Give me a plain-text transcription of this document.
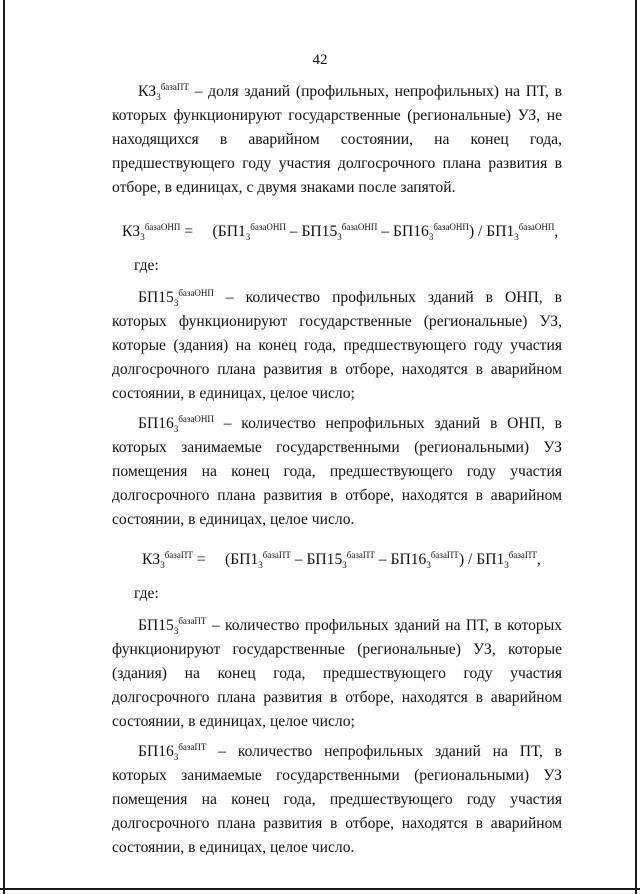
42

$КЗ_3^{базаПТ}$ – доля зданий (профильных, непрофильных) на ПТ, в которых функционируют государственные (региональные) УЗ, не находящихся в аварийном состоянии, на конец года, предшествующего году участия долгосрочного плана развития в отборе, в единицах, с двумя знаками после запятой.

$КЗ_3^{базаОНП}$ =     $(БП1_3^{базаОНП} - БП15_3^{базаОНП} - БП16_3^{базаОНП}) / БП1_3^{базаОНП}$,

где:

$БП15_3^{базаОНП}$ – количество профильных зданий в ОНП, в которых функционируют государственные (региональные) УЗ, которые (здания) на конец года, предшествующего году участия долгосрочного плана развития в отборе, находятся в аварийном состоянии, в единицах, целое число;

$БП16_3^{базаОНП}$ – количество непрофильных зданий в ОНП, в которых занимаемые государственными (региональными) УЗ помещения на конец года, предшествующего году участия долгосрочного плана развития в отборе, находятся в аварийном состоянии, в единицах, целое число.

$КЗ_3^{базаПТ}$ =     $(БП1_3^{базаПТ} - БП15_3^{базаПТ} - БП16_3^{базаПТ}) / БП1_3^{базаПТ}$,

где:

$БП15_3^{базаПТ}$ – количество профильных зданий на ПТ, в которых функционируют государственные (региональные) УЗ, которые (здания) на конец года, предшествующего году участия долгосрочного плана развития в отборе, находятся в аварийном состоянии, в единицах, целое число;

$БП16_3^{базаПТ}$ – количество непрофильных зданий на ПТ, в которых занимаемые государственными (региональными) УЗ помещения на конец года, предшествующего году участия долгосрочного плана развития в отборе, находятся в аварийном состоянии, в единицах, целое число.
